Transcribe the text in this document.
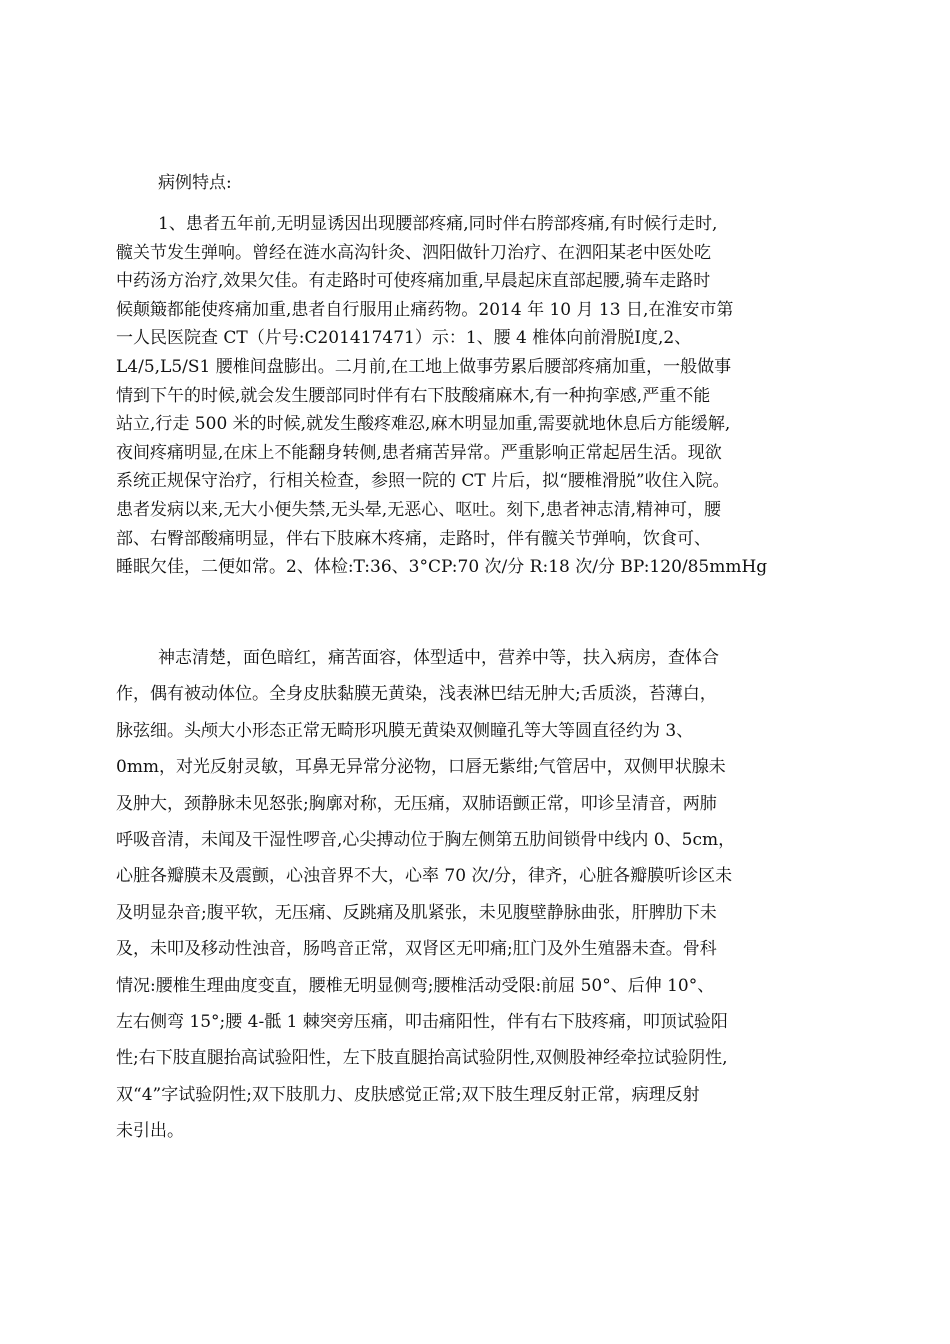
病例特点:
1、患者五年前,无明显诱因出现腰部疼痛,同时伴右胯部疼痛,有时候行走时,
髋关节发生弹响。曾经在涟水高沟针灸、泗阳做针刀治疗、在泗阳某老中医处吃
中药汤方治疗,效果欠佳。有走路时可使疼痛加重,早晨起床直部起腰,骑车走路时
候颠簸都能使疼痛加重,患者自行服用止痛药物。2014 年 10 月 13 日,在淮安市第
一人民医院查 CT（片号:C201417471）示：1、腰 4 椎体向前滑脱Ⅰ度,2、
L4/5,L5/S1 腰椎间盘膨出。二月前,在工地上做事劳累后腰部疼痛加重，一般做事
情到下午的时候,就会发生腰部同时伴有右下肢酸痛麻木,有一种拘挛感,严重不能
站立,行走 500 米的时候,就发生酸疼难忍,麻木明显加重,需要就地休息后方能缓解,
夜间疼痛明显,在床上不能翻身转侧,患者痛苦异常。严重影响正常起居生活。现欲
系统正规保守治疗，行相关检查，参照一院的 CT 片后，拟“腰椎滑脱”收住入院。
患者发病以来,无大小便失禁,无头晕,无恶心、呕吐。刻下,患者神志清,精神可，腰
部、右臀部酸痛明显，伴右下肢麻木疼痛，走路时，伴有髋关节弹响，饮食可、
睡眠欠佳，二便如常。2、体检:T:36、3°CP:70 次/分 R:18 次/分 BP:120/85mmHg
神志清楚，面色暗红，痛苦面容，体型适中，营养中等，扶入病房，查体合
作，偶有被动体位。全身皮肤黏膜无黄染，浅表淋巴结无肿大;舌质淡，苔薄白，
脉弦细。头颅大小形态正常无畸形巩膜无黄染双侧瞳孔等大等圆直径约为 3、
0mm，对光反射灵敏，耳鼻无异常分泌物，口唇无紫绀;气管居中，双侧甲状腺未
及肿大，颈静脉未见怒张;胸廓对称，无压痛，双肺语颤正常，叩诊呈清音，两肺
呼吸音清，未闻及干湿性啰音,心尖搏动位于胸左侧第五肋间锁骨中线内 0、5cm，
心脏各瓣膜未及震颤，心浊音界不大，心率 70 次/分，律齐，心脏各瓣膜听诊区未
及明显杂音;腹平软，无压痛、反跳痛及肌紧张，未见腹壁静脉曲张，肝脾肋下未
及，未叩及移动性浊音，肠鸣音正常，双肾区无叩痛;肛门及外生殖器未查。骨科
情况:腰椎生理曲度变直，腰椎无明显侧弯;腰椎活动受限:前屈 50°、后伸 10°、
左右侧弯 15°;腰 4-骶 1 棘突旁压痛，叩击痛阳性，伴有右下肢疼痛，叩顶试验阳
性;右下肢直腿抬高试验阳性，左下肢直腿抬高试验阴性,双侧股神经牵拉试验阴性,
双“4”字试验阴性;双下肢肌力、皮肤感觉正常;双下肢生理反射正常，病理反射
未引出。
